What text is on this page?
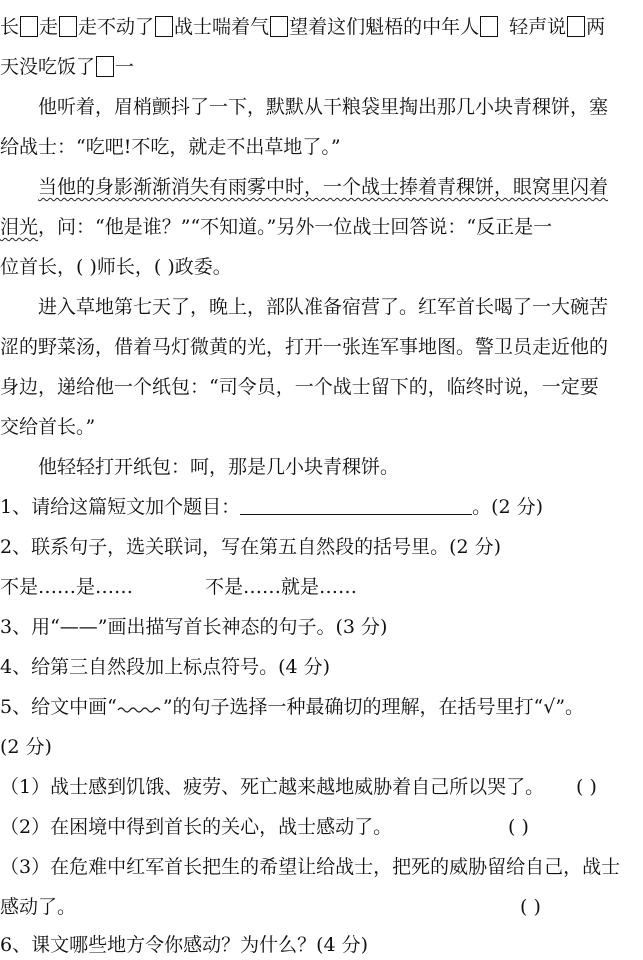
长 走 走不动了 战士喘着气 望着这们魁梧的中年人 轻声说 两
天没吃饭了 一
他听着，眉梢颤抖了一下，默默从干粮袋里掏出那几小块青稞饼，塞
给战士：“吃吧!不吃，就走不出草地了。”
当他的身影渐渐消失有雨雾中时，一个战士捧着青稞饼，眼窝里闪着
泪光，问：“他是谁？”“不知道。”另外一位战士回答说：“反正是一
位首长，( )师长，( )政委。
进入草地第七天了，晚上，部队准备宿营了。红军首长喝了一大碗苦
涩的野菜汤，借着马灯微黄的光，打开一张连军事地图。警卫员走近他的
身边，递给他一个纸包：“司令员，一个战士留下的，临终时说，一定要
交给首长。”
他轻轻打开纸包：呵，那是几小块青稞饼。
1、请给这篇短文加个题目：	。(2 分)
2、联系句子，选关联词，写在第五自然段的括号里。(2 分)
不是……是……	不是……就是……
3、用“——”画出描写首长神态的句子。(3 分)
4、给第三自然段加上标点符号。(4 分)
5、给文中画“ ”的句子选择一种最确切的理解，在括号里打“√”。
(2 分)
（1）战士感到饥饿、疲劳、死亡越来越地威胁着自己所以哭了。 ( )
（2）在困境中得到首长的关心，战士感动了。	( )
（3）在危难中红军首长把生的希望让给战士，把死的威胁留给自己，战士
感动了。	( )
6、课文哪些地方令你感动？为什么？(4 分)
